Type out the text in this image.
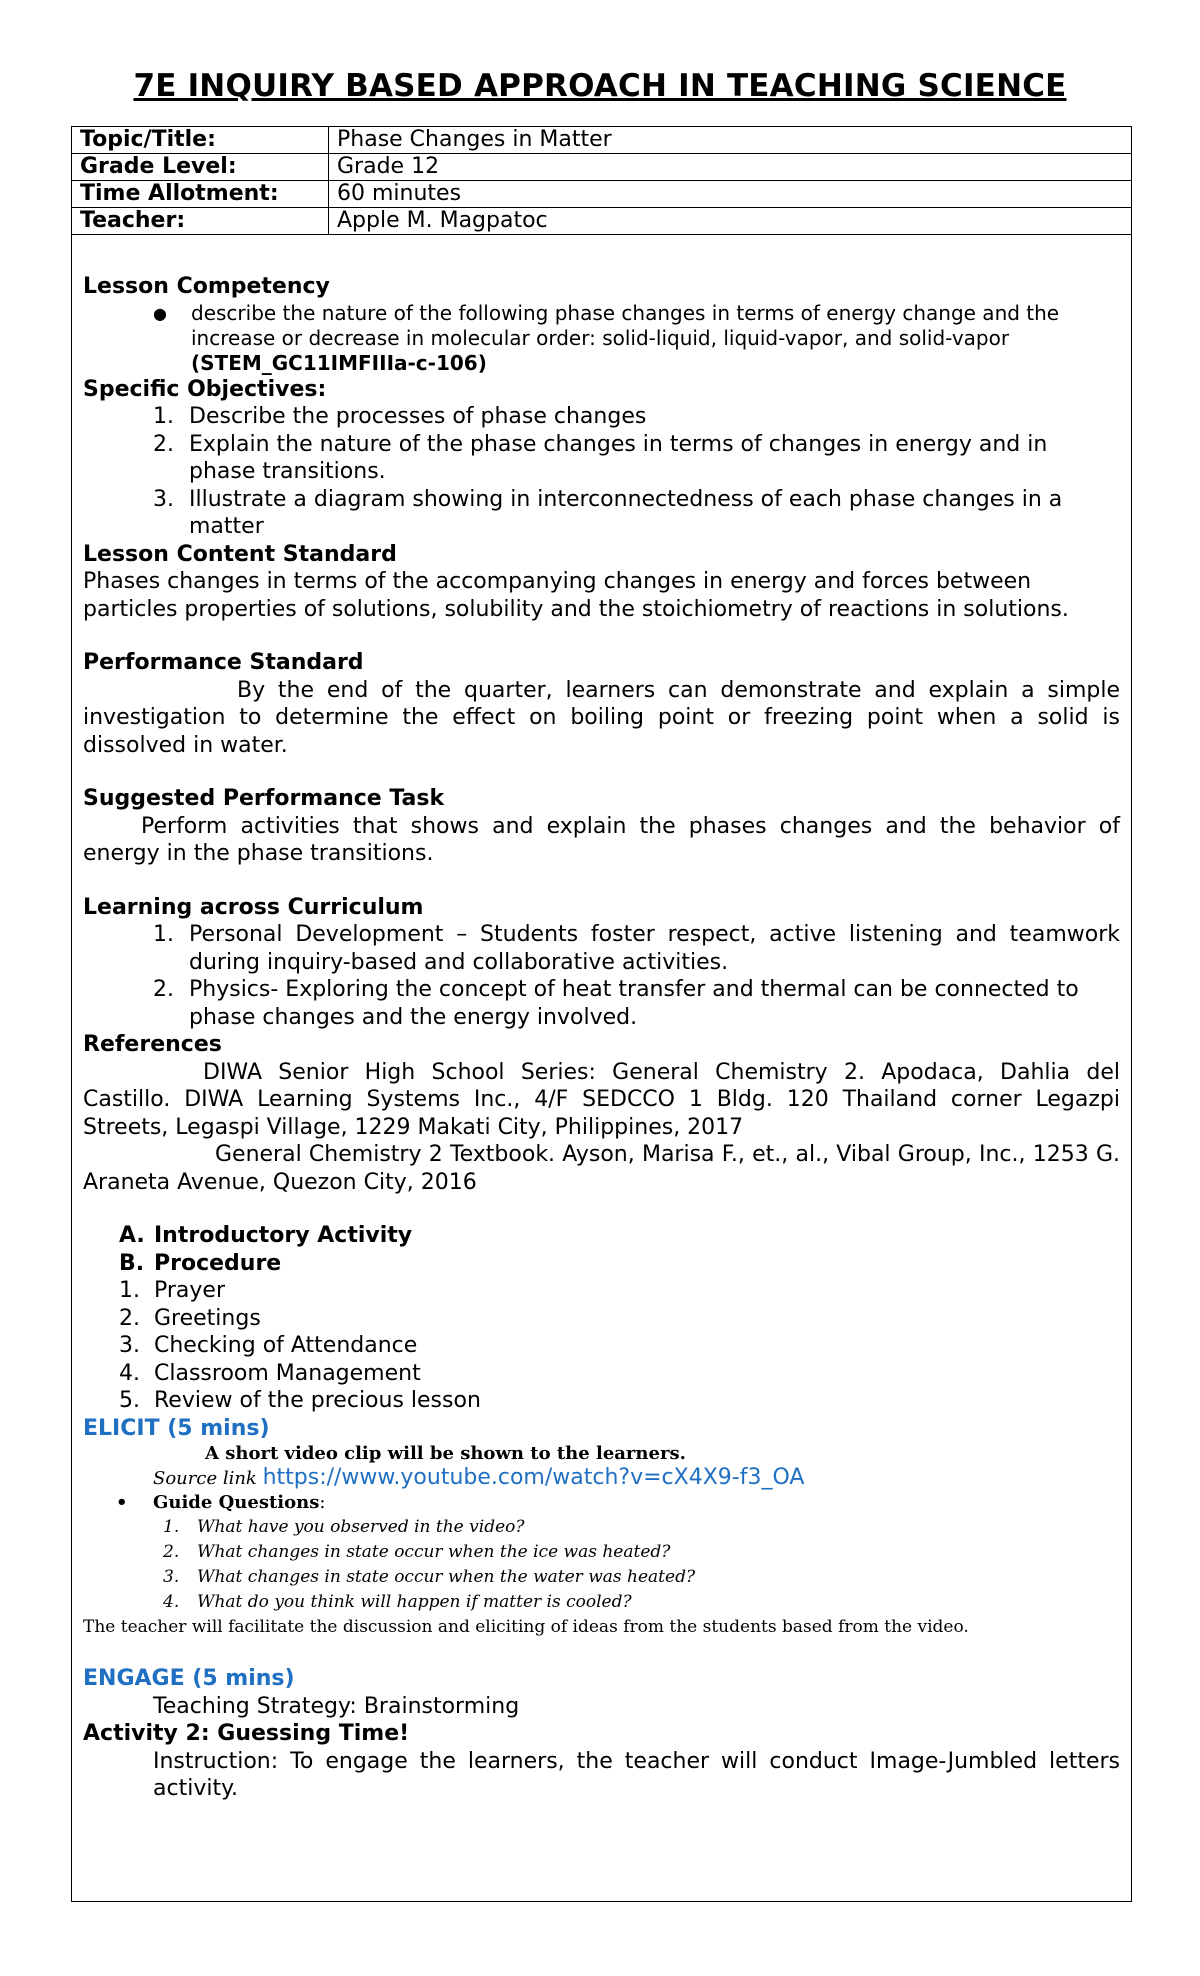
7E INQUIRY BASED APPROACH IN TEACHING SCIENCE
Topic/Title:	Phase Changes in Matter
Grade Level:	Grade 12
Time Allotment:	60 minutes
Teacher:	Apple M. Magpatoc

Lesson Competency

● describe the nature of the following phase changes in terms of energy change and the increase or decrease in molecular order: solid-liquid, liquid-vapor, and solid-vapor
(STEM_GC11IMFIIIa-c-106)

Specific Objectives:

1. Describe the processes of phase changes
2. Explain the nature of the phase changes in terms of changes in energy and in phase transitions.
3. Illustrate a diagram showing in interconnectedness of each phase changes in a matter

Lesson Content Standard

Phases changes in terms of the accompanying changes in energy and forces between particles properties of solutions, solubility and the stoichiometry of reactions in solutions.

Performance Standard

By the end of the quarter, learners can demonstrate and explain a simple investigation to determine the effect on boiling point or freezing point when a solid is dissolved in water.

Suggested Performance Task

Perform activities that shows and explain the phases changes and the behavior of energy in the phase transitions.

Learning across Curriculum

1. Personal Development – Students foster respect, active listening and teamwork during inquiry-based and collaborative activities.
2. Physics- Exploring the concept of heat transfer and thermal can be connected to phase changes and the energy involved.

References

DIWA Senior High School Series: General Chemistry 2. Apodaca, Dahlia del Castillo. DIWA Learning Systems Inc., 4/F SEDCCO 1 Bldg. 120 Thailand corner Legazpi Streets, Legaspi Village, 1229 Makati City, Philippines, 2017

General Chemistry 2 Textbook. Ayson, Marisa F., et., al., Vibal Group, Inc., 1253 G. Araneta Avenue, Quezon City, 2016

A. Introductory Activity
B. Procedure
1. Prayer
2. Greetings
3. Checking of Attendance
4. Classroom Management
5. Review of the precious lesson

ELICIT (5 mins)

A short video clip will be shown to the learners.

Source link https://www.youtube.com/watch?v=cX4X9-f3_OA

• Guide Questions:

1. What have you observed in the video?
2. What changes in state occur when the ice was heated?
3. What changes in state occur when the water was heated?
4. What do you think will happen if matter is cooled?

The teacher will facilitate the discussion and eliciting of ideas from the students based from the video.

ENGAGE (5 mins)

Teaching Strategy: Brainstorming

Activity 2: Guessing Time!

Instruction: To engage the learners, the teacher will conduct Image-Jumbled letters activity.
